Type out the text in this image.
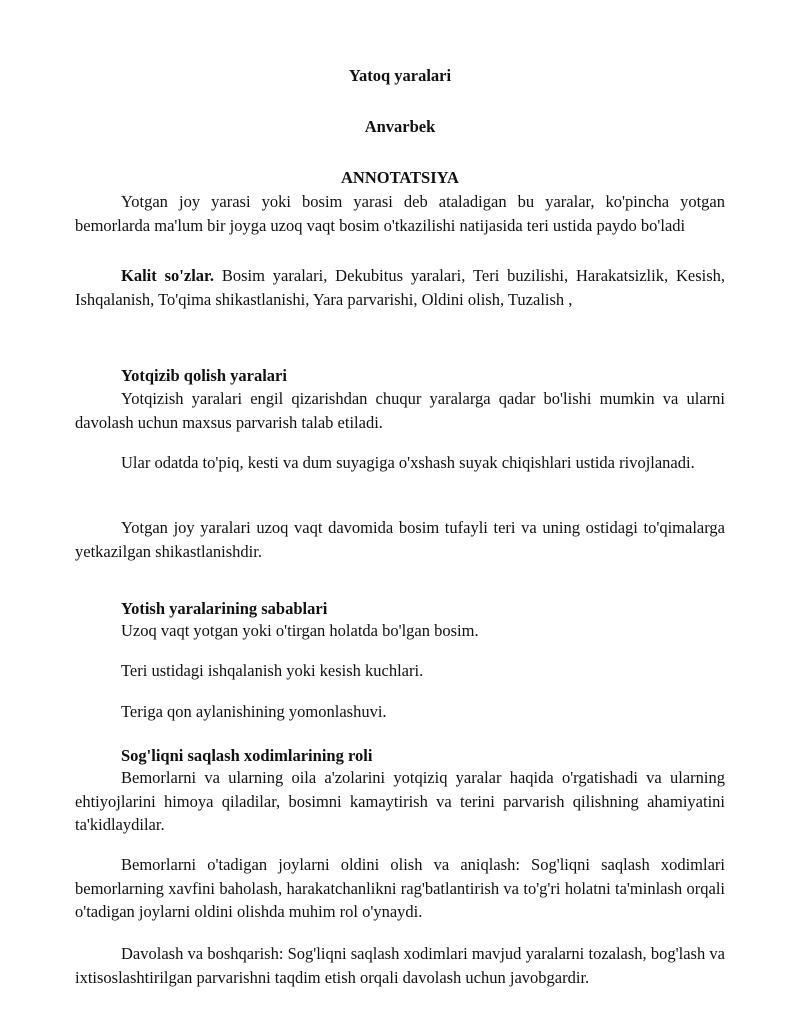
Yatoq yaralari
Anvarbek
ANNOTATSIYA
Yotgan joy yarasi yoki bosim yarasi deb ataladigan bu yaralar, ko'pincha yotgan bemorlarda ma'lum bir joyga uzoq vaqt bosim o'tkazilishi natijasida teri ustida paydo bo'ladi
Kalit so'zlar. Bosim yaralari, Dekubitus yaralari, Teri buzilishi, Harakatsizlik, Kesish, Ishqalanish, To'qima shikastlanishi, Yara parvarishi, Oldini olish, Tuzalish ,
Yotqizib qolish yaralari
Yotqizish yaralari engil qizarishdan chuqur yaralarga qadar bo'lishi mumkin va ularni davolash uchun maxsus parvarish talab etiladi.
Ular odatda to'piq, kesti va dum suyagiga o'xshash suyak chiqishlari ustida rivojlanadi.
Yotgan joy yaralari uzoq vaqt davomida bosim tufayli teri va uning ostidagi to'qimalarga yetkazilgan shikastlanishdir.
Yotish yaralarining sabablari
Uzoq vaqt yotgan yoki o'tirgan holatda bo'lgan bosim.
Teri ustidagi ishqalanish yoki kesish kuchlari.
Teriga qon aylanishining yomonlashuvi.
Sog'liqni saqlash xodimlarining roli
Bemorlarni va ularning oila a'zolarini yotqiziq yaralar haqida o'rgatishadi va ularning ehtiyojlarini himoya qiladilar, bosimni kamaytirish va terini parvarish qilishning ahamiyatini ta'kidlaydilar.
Bemorlarni o'tadigan joylarni oldini olish va aniqlash: Sog'liqni saqlash xodimlari bemorlarning xavfini baholash, harakatchanlikni rag'batlantirish va to'g'ri holatni ta'minlash orqali o'tadigan joylarni oldini olishda muhim rol o'ynaydi.
Davolash va boshqarish: Sog'liqni saqlash xodimlari mavjud yaralarni tozalash, bog'lash va ixtisoslashtirilgan parvarishni taqdim etish orqali davolash uchun javobgardir.
